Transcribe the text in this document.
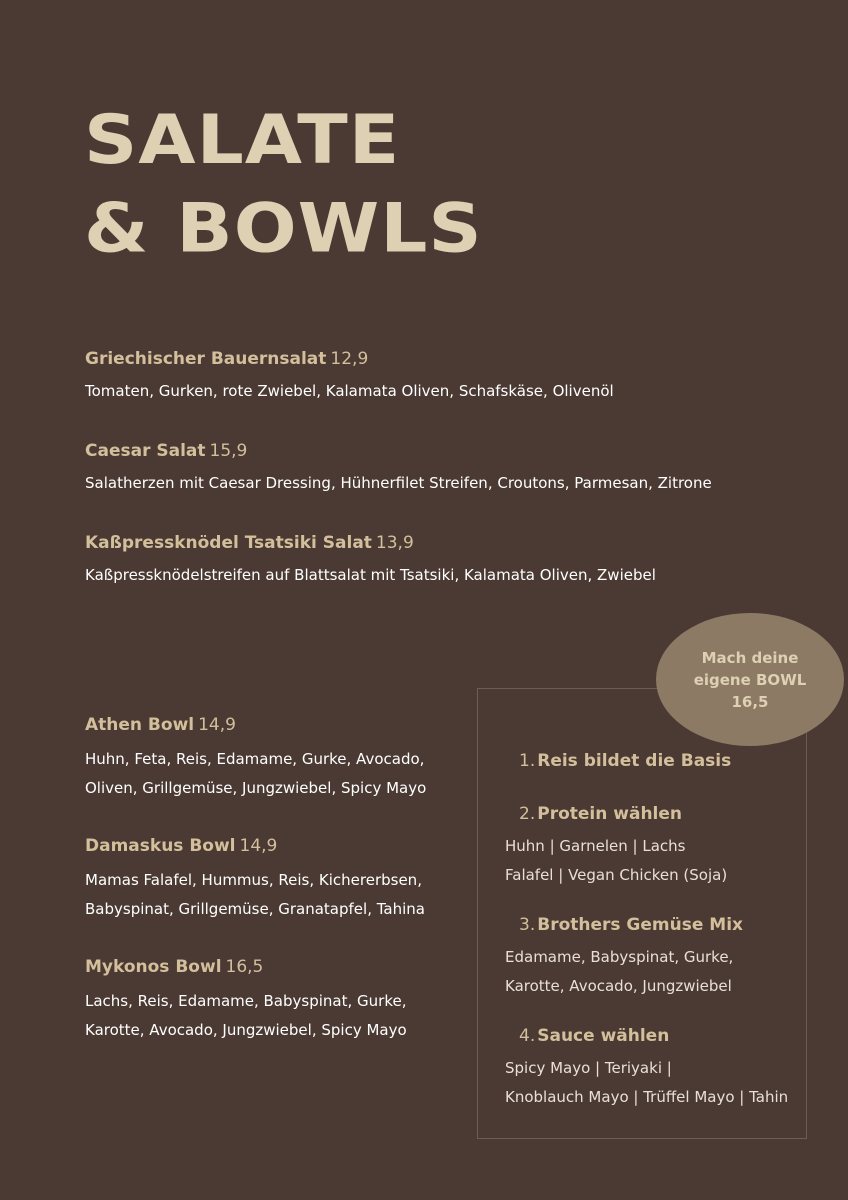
SALATE
& BOWLS
Griechischer Bauernsalat 12,9
Tomaten, Gurken, rote Zwiebel, Kalamata Oliven, Schafskäse, Olivenöl
Caesar Salat 15,9
Salatherzen mit Caesar Dressing, Hühnerfilet Streifen, Croutons, Parmesan, Zitrone
Kaßpressknödel Tsatsiki Salat 13,9
Kaßpressknödelstreifen auf Blattsalat mit Tsatsiki, Kalamata Oliven, Zwiebel
Athen Bowl 14,9
Huhn, Feta, Reis, Edamame, Gurke, Avocado,
Oliven, Grillgemüse, Jungzwiebel, Spicy Mayo
Damaskus Bowl 14,9
Mamas Falafel, Hummus, Reis, Kichererbsen,
Babyspinat, Grillgemüse, Granatapfel, Tahina
Mykonos Bowl 16,5
Lachs, Reis, Edamame, Babyspinat, Gurke,
Karotte, Avocado, Jungzwiebel, Spicy Mayo
Mach deine
eigene BOWL
16,5
1. Reis bildet die Basis
2. Protein wählen
Huhn | Garnelen | Lachs
Falafel | Vegan Chicken (Soja)
3. Brothers Gemüse Mix
Edamame, Babyspinat, Gurke,
Karotte, Avocado, Jungzwiebel
4. Sauce wählen
Spicy Mayo | Teriyaki |
Knoblauch Mayo | Trüffel Mayo | Tahin
